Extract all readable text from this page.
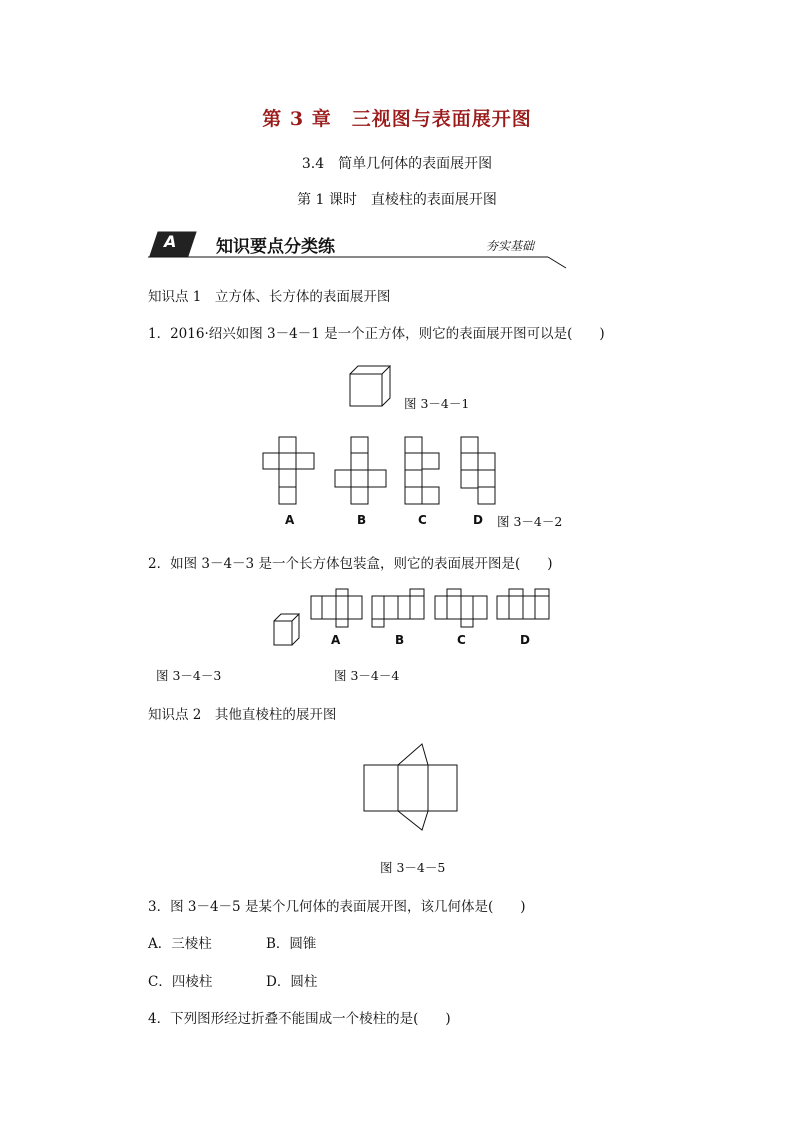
第 3 章　三视图与表面展开图
3.4　简单几何体的表面展开图
第 1 课时　直棱柱的表面展开图
A 知识要点分类练	夯实基础
知识点 1　立方体、长方体的表面展开图
1．2016·绍兴如图 3－4－1 是一个正方体，则它的表面展开图可以是(　　)
图 3－4－1
A	B	C	D 图 3－4－2
2．如图 3－4－3 是一个长方体包装盒，则它的表面展开图是(　　)
A	B	C	D
图 3－4－3	图 3－4－4
知识点 2　其他直棱柱的展开图
图 3－4－5
3．图 3－4－5 是某个几何体的表面展开图，该几何体是(　　)
A．三棱柱	B．圆锥
C．四棱柱	D．圆柱
4．下列图形经过折叠不能围成一个棱柱的是(　　)
